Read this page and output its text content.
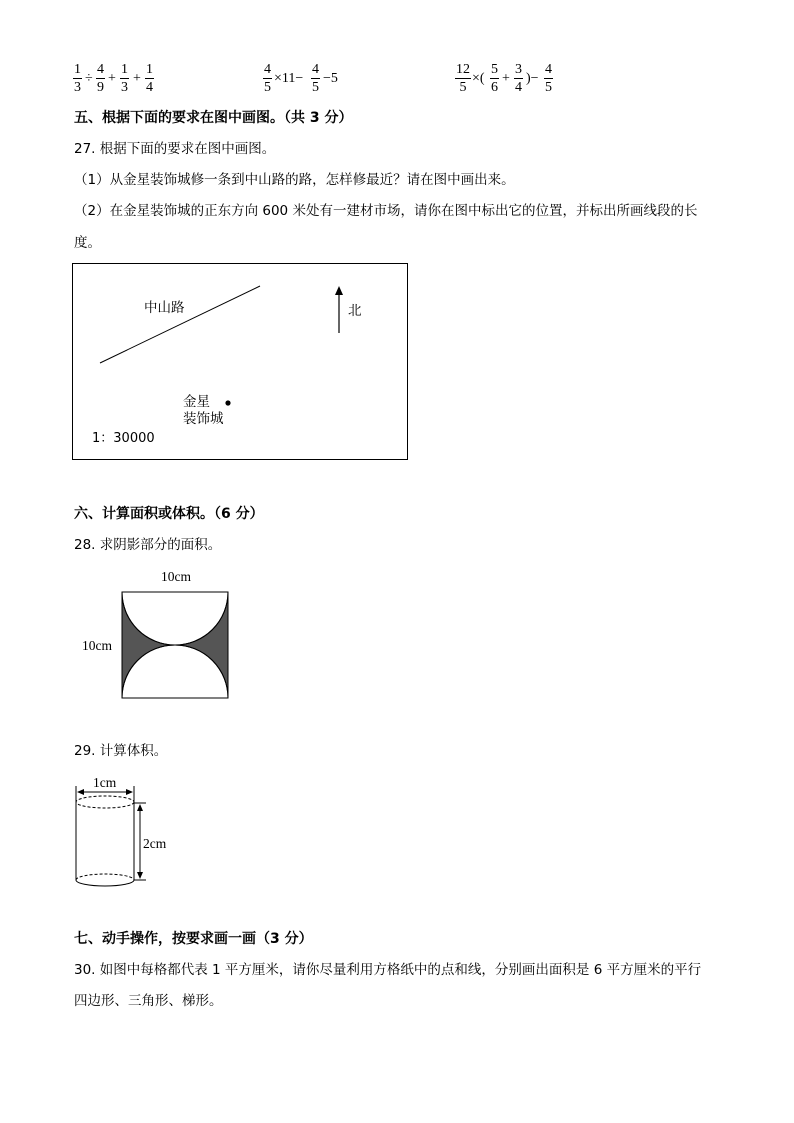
1
3
÷
4
9
+
1
3
+
1
4
4
5
×11−
4
5
−5
12
5
×(
5
6
+
3
4
)−
4
5
五、根据下面的要求在图中画图。（共 3 分）
27. 根据下面的要求在图中画图。
（1）从金星装饰城修一条到中山路的路，怎样修最近？请在图中画出来。
（2）在金星装饰城的正东方向 600 米处有一建材市场，请你在图中标出它的位置，并标出所画线段的长
度。
中山路	北
金星
装饰城
1：30000
六、计算面积或体积。（6 分）
28. 求阴影部分的面积。
10cm
10cm
29. 计算体积。
1cm
2cm
七、动手操作，按要求画一画（3 分）
30. 如图中每格都代表 1 平方厘米，请你尽量利用方格纸中的点和线，分别画出面积是 6 平方厘米的平行
四边形、三角形、梯形。
